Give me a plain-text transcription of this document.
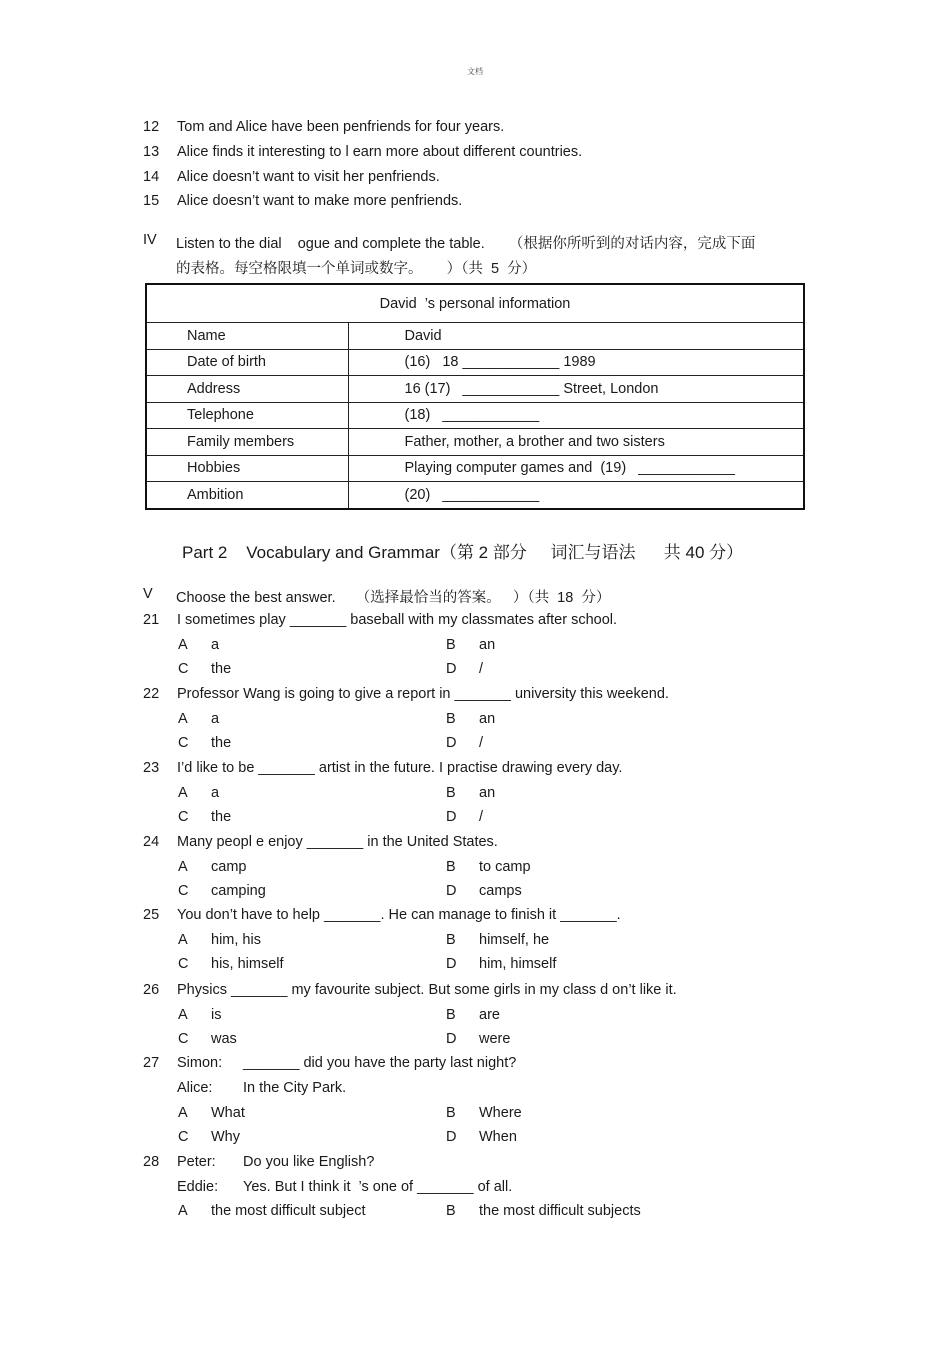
文档
12 Tom and Alice have been penfriends for four years.
13 Alice finds it interesting to l earn more about different countries.
14 Alice doesn’t want to visit her penfriends.
15 Alice doesn’t want to make more penfriends.
IV Listen to the dial    ogue and complete the table.      （根据你所听到的对话内容，完成下面
的表格。每空格限填一个单词或数字。      ）（共  5  分）
David  ’s personal information	
Name	David
Date of birth	(16)   18 ____________ 1989
Address	16 (17)   ____________ Street, London
Telephone	(18)   ____________
Family members	Father, mother, a brother and two sisters
Hobbies	Playing computer games and  (19)   ____________
Ambition	(20)   ____________
Part 2    Vocabulary and Grammar（第 2 部分     词汇与语法      共 40 分）
V Choose the best answer.     （选择最恰当的答案。   ）（共  18  分）
21 I sometimes play _______ baseball with my classmates after school.
A a	B an
C the	D /
22 Professor Wang is going to give a report in _______ university this weekend.
A a	B an
C the	D /
23 I’d like to be _______ artist in the future. I practise drawing every day.
A a	B an
C the	D /
24 Many peopl e enjoy _______ in the United States.
A camp	B to camp
C camping	D camps
25 You don’t have to help _______. He can manage to finish it _______.
A him, his	B himself, he
C his, himself	D him, himself
26 Physics _______ my favourite subject. But some girls in my class d on’t like it.
A is	B are
C was	D were
27 Simon: _______ did you have the party last night?
Alice: In the City Park.
A What	B Where
C Why	D When
28 Peter: Do you like English?
Eddie: Yes. But I think it  ’s one of _______ of all.
A the most difficult subject	B the most difficult subjects
